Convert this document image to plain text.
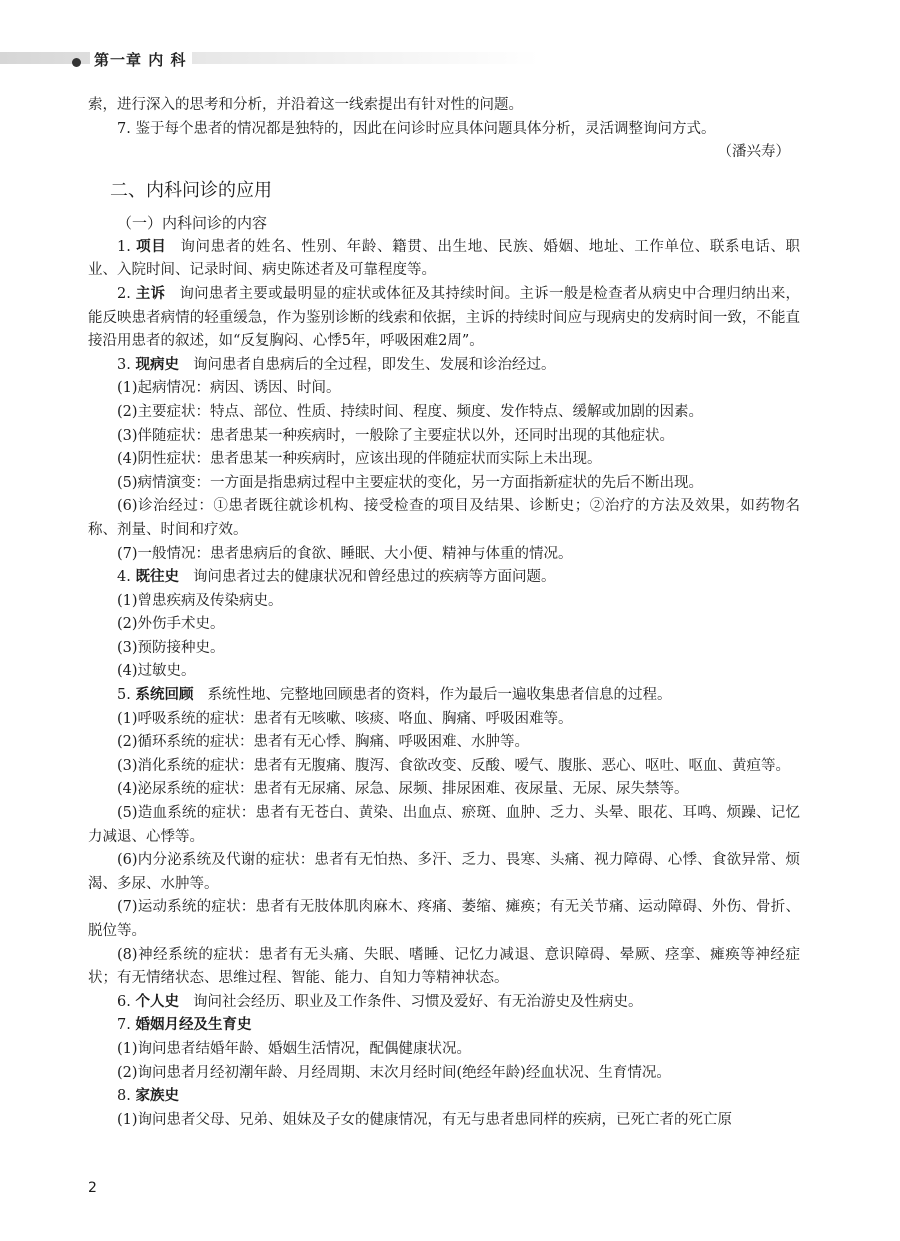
第一章 内 科

索，进行深入的思考和分析，并沿着这一线索提出有针对性的问题。

7. 鉴于每个患者的情况都是独特的，因此在问诊时应具体问题具体分析，灵活调整询问方式。

（潘兴寿）

二、内科问诊的应用
（一）内科问诊的内容

1. 项目 询问患者的姓名、性别、年龄、籍贯、出生地、民族、婚姻、地址、工作单位、联系电话、职业、入院时间、记录时间、病史陈述者及可靠程度等。

2. 主诉 询问患者主要或最明显的症状或体征及其持续时间。主诉一般是检查者从病史中合理归纳出来，能反映患者病情的轻重缓急，作为鉴别诊断的线索和依据，主诉的持续时间应与现病史的发病时间一致，不能直接沿用患者的叙述，如“反复胸闷、心悸5年，呼吸困难2周”。

3. 现病史 询问患者自患病后的全过程，即发生、发展和诊治经过。

(1)起病情况：病因、诱因、时间。

(2)主要症状：特点、部位、性质、持续时间、程度、频度、发作特点、缓解或加剧的因素。

(3)伴随症状：患者患某一种疾病时，一般除了主要症状以外，还同时出现的其他症状。

(4)阴性症状：患者患某一种疾病时，应该出现的伴随症状而实际上未出现。

(5)病情演变：一方面是指患病过程中主要症状的变化，另一方面指新症状的先后不断出现。

(6)诊治经过：①患者既往就诊机构、接受检查的项目及结果、诊断史；②治疗的方法及效果，如药物名称、剂量、时间和疗效。

(7)一般情况：患者患病后的食欲、睡眠、大小便、精神与体重的情况。

4. 既往史 询问患者过去的健康状况和曾经患过的疾病等方面问题。

(1)曾患疾病及传染病史。

(2)外伤手术史。

(3)预防接种史。

(4)过敏史。

5. 系统回顾 系统性地、完整地回顾患者的资料，作为最后一遍收集患者信息的过程。

(1)呼吸系统的症状：患者有无咳嗽、咳痰、咯血、胸痛、呼吸困难等。

(2)循环系统的症状：患者有无心悸、胸痛、呼吸困难、水肿等。

(3)消化系统的症状：患者有无腹痛、腹泻、食欲改变、反酸、嗳气、腹胀、恶心、呕吐、呕血、黄疸等。

(4)泌尿系统的症状：患者有无尿痛、尿急、尿频、排尿困难、夜尿量、无尿、尿失禁等。

(5)造血系统的症状：患者有无苍白、黄染、出血点、瘀斑、血肿、乏力、头晕、眼花、耳鸣、烦躁、记忆力减退、心悸等。

(6)内分泌系统及代谢的症状：患者有无怕热、多汗、乏力、畏寒、头痛、视力障碍、心悸、食欲异常、烦渴、多尿、水肿等。

(7)运动系统的症状：患者有无肢体肌肉麻木、疼痛、萎缩、瘫痪；有无关节痛、运动障碍、外伤、骨折、脱位等。

(8)神经系统的症状：患者有无头痛、失眠、嗜睡、记忆力减退、意识障碍、晕厥、痉挛、瘫痪等神经症状；有无情绪状态、思维过程、智能、能力、自知力等精神状态。

6. 个人史 询问社会经历、职业及工作条件、习惯及爱好、有无治游史及性病史。

7. 婚姻月经及生育史

(1)询问患者结婚年龄、婚姻生活情况，配偶健康状况。

(2)询问患者月经初潮年龄、月经周期、末次月经时间(绝经年龄)经血状况、生育情况。

8. 家族史

(1)询问患者父母、兄弟、姐妹及子女的健康情况，有无与患者患同样的疾病，已死亡者的死亡原

2
